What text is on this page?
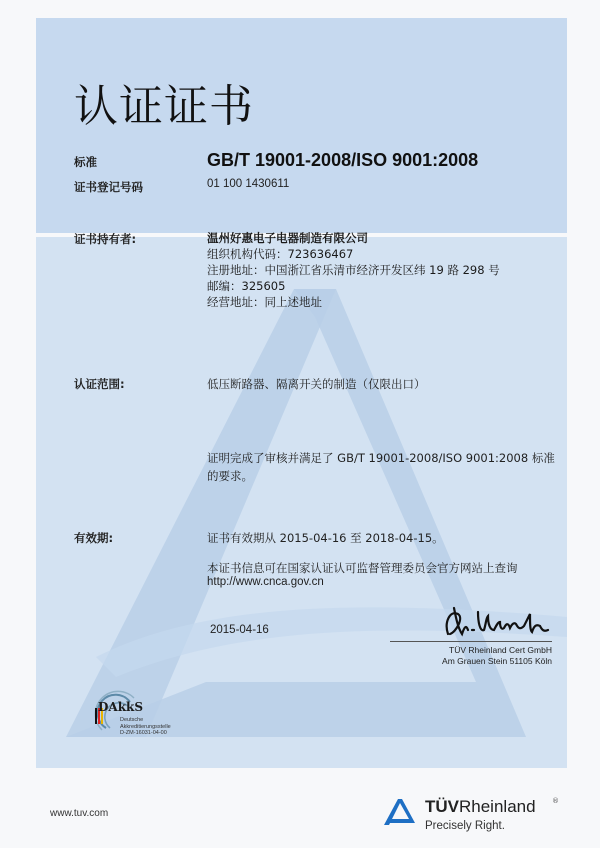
认证证书
标准	GB/T 19001-2008/ISO 9001:2008
证书登记号码	01 100 1430611
证书持有者:	温州好惠电子电器制造有限公司
组织机构代码：723636467
注册地址：中国浙江省乐清市经济开发区纬 19 路 298 号
邮编：325605
经营地址：同上述地址
认证范围:	低压断路器、隔离开关的制造（仅限出口）
证明完成了审核并满足了 GB/T 19001-2008/ISO 9001:2008 标准
的要求。
有效期:	证书有效期从 2015-04-16 至 2018-04-15。
本证书信息可在国家认证认可监督管理委员会官方网站上查询
http://www.cnca.gov.cn
2015-04-16
TÜV Rheinland Cert GmbH
Am Grauen Stein 51105 Köln
DAkkS
Deutsche
Akkreditierungsstelle
D-ZM-16031-04-00
www.tuv.com	TÜVRheinland ®
Precisely Right.
